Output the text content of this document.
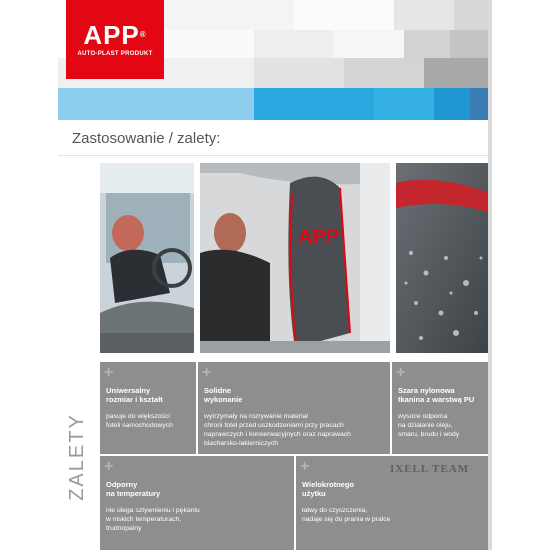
APP®
AUTO-PLAST PRODUKT
Zastosowanie / zalety:
APP
ZALETY
+
Uniwersalny
rozmiar i kształt
pasuje do większości
foteli samochodowych
+
Solidne
wykonanie
wytrzymały na rozrywanie materiał
chroni fotel przed uszkodzeniami przy pracach
naprawczych i konserwacyjnych oraz naprawach
blacharsko-lakierniczych
+
Szara nylonowa
tkanina z warstwą PU
wysoce odporna
na działanie oleju,
smaru, brudu i wody
+
Odporny
na temperatury
nie ulega sztywnieniu i pękaniu
w niskich temperaturach,
trudnopalny
+
Wielokrotnego
użytku
łatwy do czyszczenia,
nadaje się do prania w pralce
IXELL TEAM
